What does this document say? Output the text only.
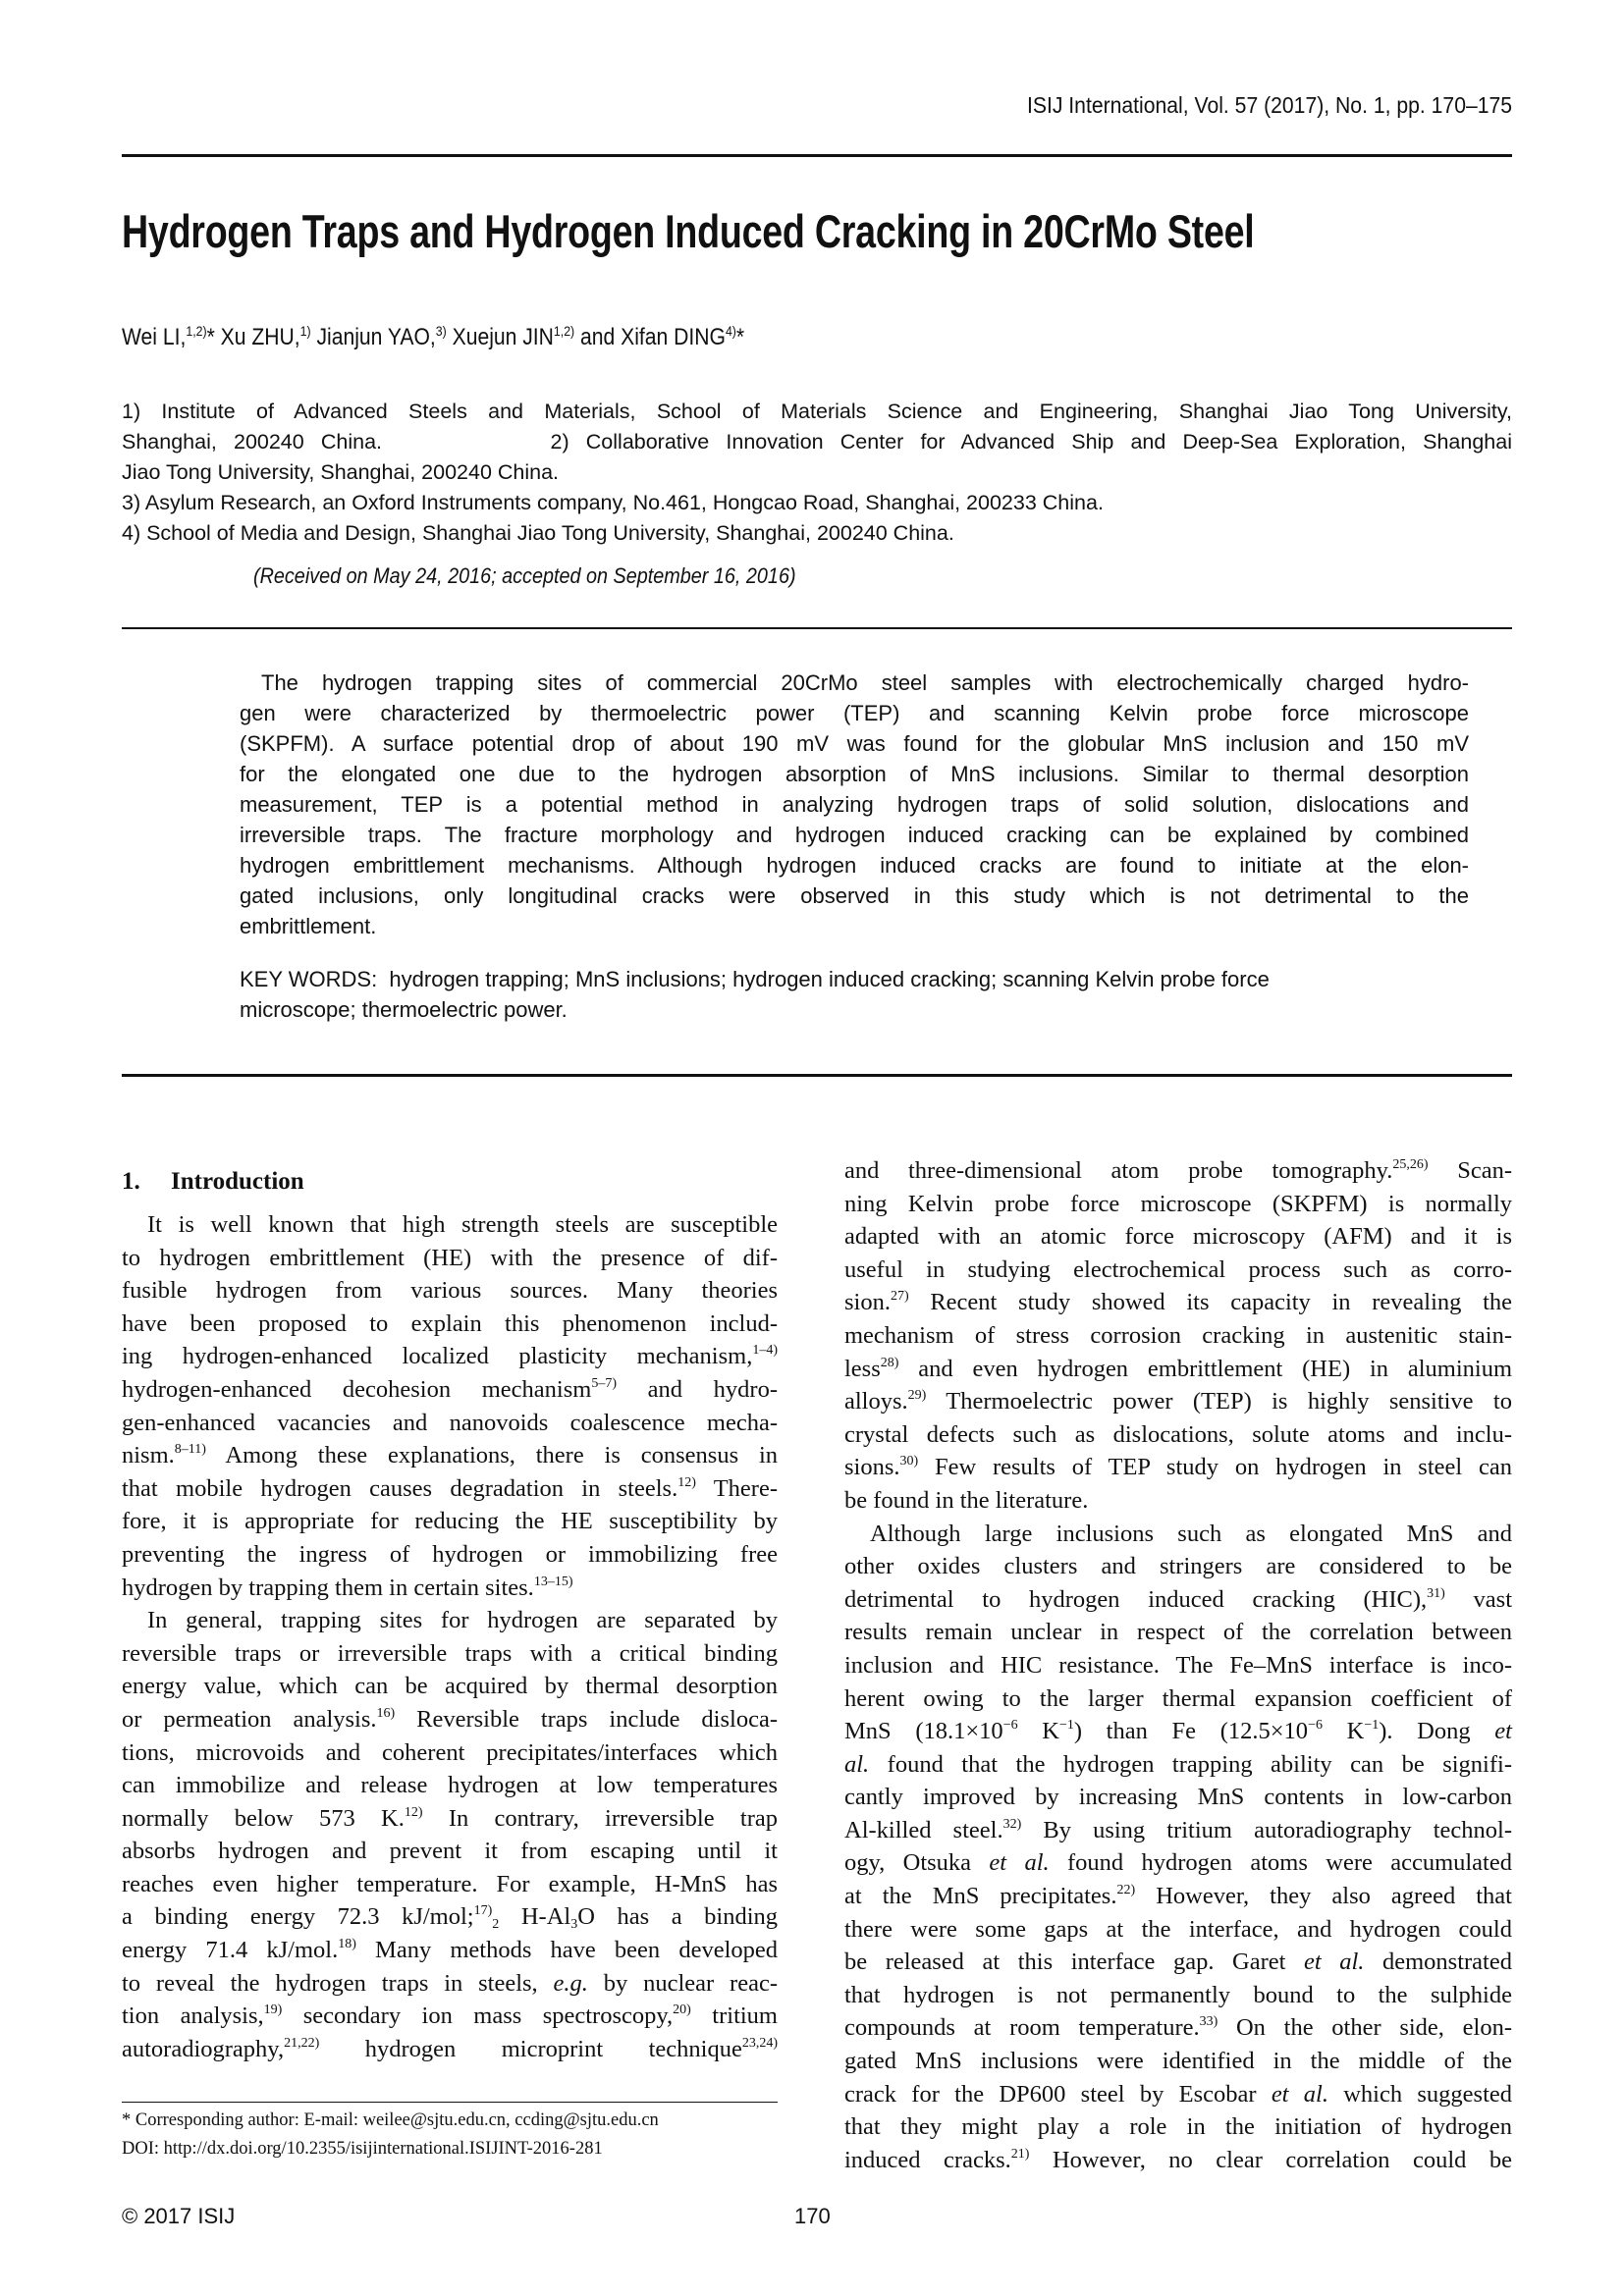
ISIJ International, Vol. 57 (2017), No. 1, pp. 170–175
Hydrogen Traps and Hydrogen Induced Cracking in 20CrMo Steel
Wei LI,$^{1,2)}$* Xu ZHU,$^{1)}$ Jianjun YAO,$^{3)}$ Xuejun JIN$^{1,2)}$ and Xifan DING$^{4)}$*
1) Institute of Advanced Steels and Materials, School of Materials Science and Engineering, Shanghai Jiao Tong University,
Shanghai, 200240 China.          2) Collaborative Innovation Center for Advanced Ship and Deep-Sea Exploration, Shanghai
Jiao Tong University, Shanghai, 200240 China.
3) Asylum Research, an Oxford Instruments company, No.461, Hongcao Road, Shanghai, 200233 China.
4) School of Media and Design, Shanghai Jiao Tong University, Shanghai, 200240 China.
(Received on May 24, 2016; accepted on September 16, 2016)
The hydrogen trapping sites of commercial 20CrMo steel samples with electrochemically charged hydro-
gen were characterized by thermoelectric power (TEP) and scanning Kelvin probe force microscope
(SKPFM). A surface potential drop of about 190 mV was found for the globular MnS inclusion and 150 mV
for the elongated one due to the hydrogen absorption of MnS inclusions. Similar to thermal desorption
measurement, TEP is a potential method in analyzing hydrogen traps of solid solution, dislocations and
irreversible traps. The fracture morphology and hydrogen induced cracking can be explained by combined
hydrogen embrittlement mechanisms. Although hydrogen induced cracks are found to initiate at the elon-
gated inclusions, only longitudinal cracks were observed in this study which is not detrimental to the
embrittlement.
KEY WORDS:  hydrogen trapping; MnS inclusions; hydrogen induced cracking; scanning Kelvin probe force
microscope; thermoelectric power.
1. Introduction
It is well known that high strength steels are susceptible
to hydrogen embrittlement (HE) with the presence of dif-
fusible hydrogen from various sources. Many theories
have been proposed to explain this phenomenon includ-
ing hydrogen-enhanced localized plasticity mechanism,$^{1-4)}$
hydrogen-enhanced decohesion mechanism$^{5-7)}$ and hydro-
gen-enhanced vacancies and nanovoids coalescence mecha-
nism.$^{8-11)}$ Among these explanations, there is consensus in
that mobile hydrogen causes degradation in steels.$^{12)}$ There-
fore, it is appropriate for reducing the HE susceptibility by
preventing the ingress of hydrogen or immobilizing free
hydrogen by trapping them in certain sites.$^{13-15)}$
In general, trapping sites for hydrogen are separated by
reversible traps or irreversible traps with a critical binding
energy value, which can be acquired by thermal desorption
or permeation analysis.$^{16)}$ Reversible traps include disloca-
tions, microvoids and coherent precipitates/interfaces which
can immobilize and release hydrogen at low temperatures
normally below 573 K.$^{12)}$ In contrary, irreversible trap
absorbs hydrogen and prevent it from escaping until it
reaches even higher temperature. For example, H-MnS has
a binding energy 72.3 kJ/mol;$^{17)}_2$ $H-Al_3O$ has a binding
energy 71.4 kJ/mol.$^{18)}$ Many methods have been developed
to reveal the hydrogen traps in steels, e.g. by nuclear reac-
tion analysis,$^{19)}$ secondary ion mass spectroscopy,$^{20)}$ tritium
autoradiography,$^{21,22)}$ hydrogen microprint technique$^{23,24)}$
and three-dimensional atom probe tomography.$^{25,26)}$ Scan-
ning Kelvin probe force microscope (SKPFM) is normally
adapted with an atomic force microscopy (AFM) and it is
useful in studying electrochemical process such as corro-
sion.$^{27)}$ Recent study showed its capacity in revealing the
mechanism of stress corrosion cracking in austenitic stain-
less$^{28)}$ and even hydrogen embrittlement (HE) in aluminium
alloys.$^{29)}$ Thermoelectric power (TEP) is highly sensitive to
crystal defects such as dislocations, solute atoms and inclu-
sions.$^{30)}$ Few results of TEP study on hydrogen in steel can
be found in the literature.
Although large inclusions such as elongated MnS and
other oxides clusters and stringers are considered to be
detrimental to hydrogen induced cracking (HIC),$^{31)}$ vast
results remain unclear in respect of the correlation between
inclusion and HIC resistance. The Fe–MnS interface is inco-
herent owing to the larger thermal expansion coefficient of
MnS ($18.1\times 10^{-6}$ $K^{-1}$) than Fe ($12.5\times 10^{-6}$ $K^{-1}$). Dong et
al. found that the hydrogen trapping ability can be signifi-
cantly improved by increasing MnS contents in low-carbon
Al-killed steel.$^{32)}$ By using tritium autoradiography technol-
ogy, Otsuka et al. found hydrogen atoms were accumulated
at the MnS precipitates.$^{22)}$ However, they also agreed that
there were some gaps at the interface, and hydrogen could
be released at this interface gap. Garet et al. demonstrated
that hydrogen is not permanently bound to the sulphide
compounds at room temperature.$^{33)}$ On the other side, elon-
gated MnS inclusions were identified in the middle of the
crack for the DP600 steel by Escobar et al. which suggested
that they might play a role in the initiation of hydrogen
induced cracks.$^{21)}$ However, no clear correlation could be
* Corresponding author: E-mail: weilee@sjtu.edu.cn, ccding@sjtu.edu.cn
DOI: http://dx.doi.org/10.2355/isijinternational.ISIJINT-2016-281
© 2017 ISIJ	170
